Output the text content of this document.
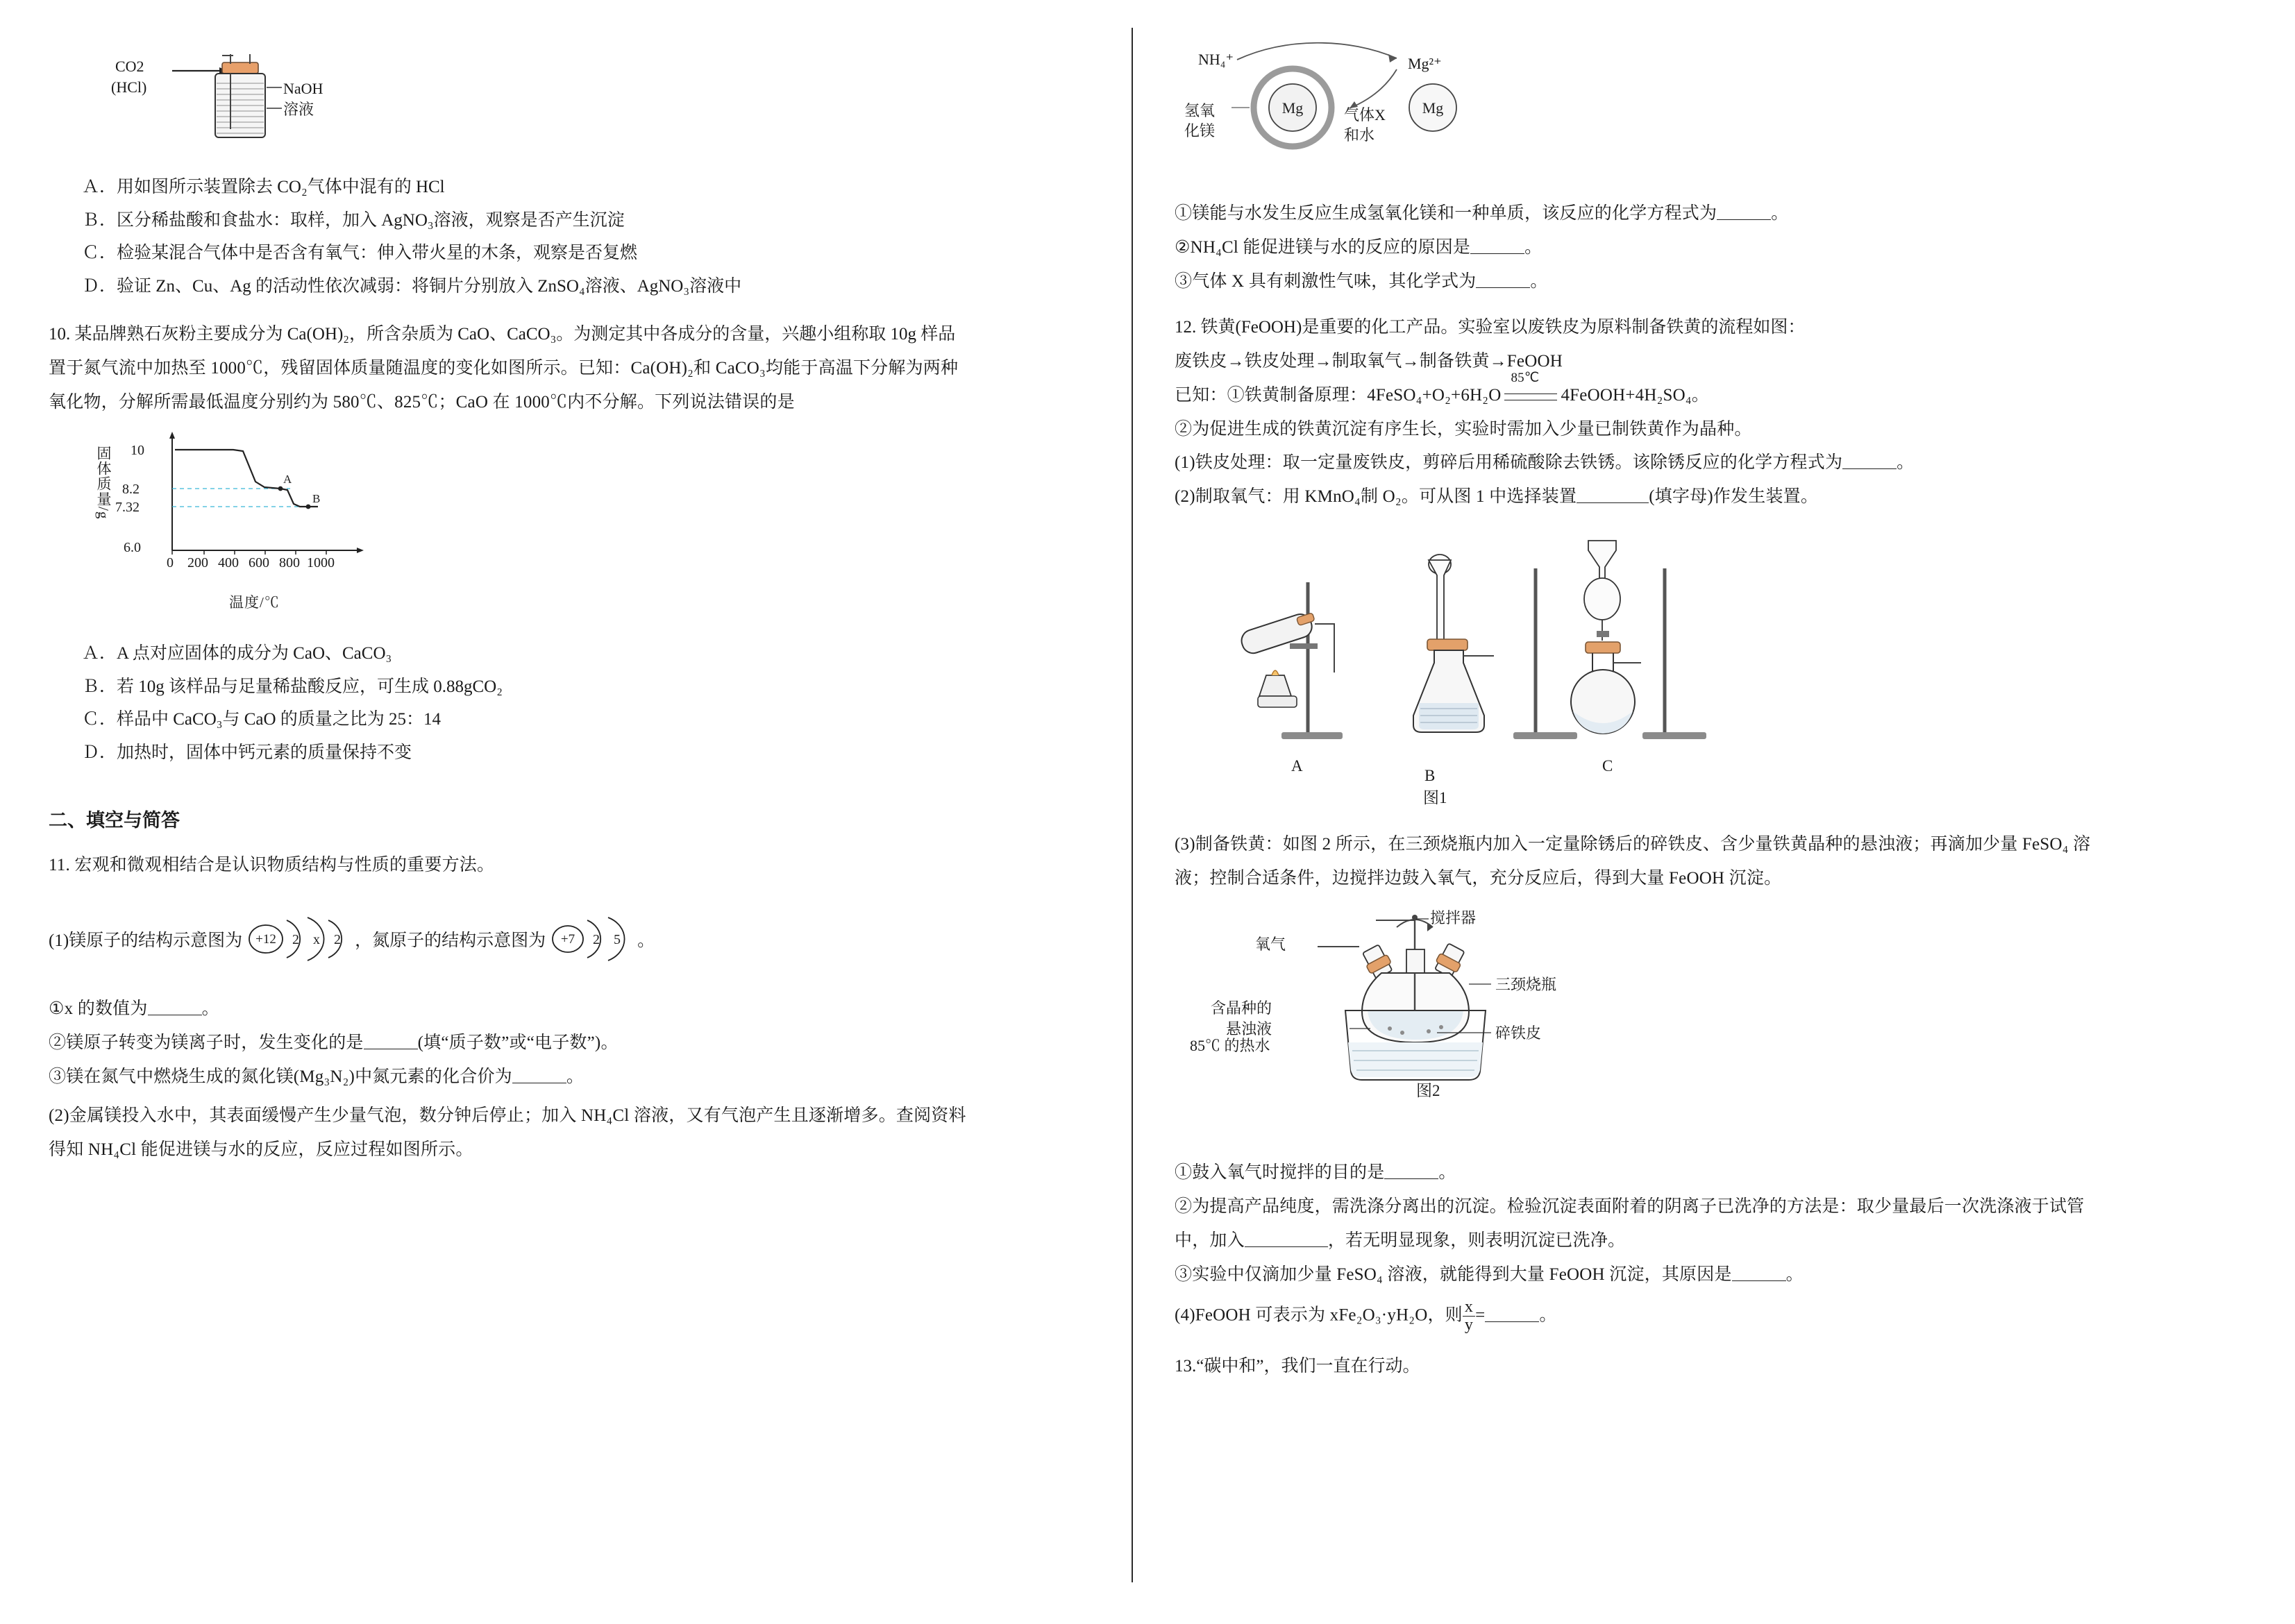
CO2
(HCl)	NaOH
溶液
Ａ．用如图所示装置除去 CO₂气体中混有的 HCl
Ｂ．区分稀盐酸和食盐水：取样，加入 AgNO₃溶液，观察是否产生沉淀
Ｃ．检验某混合气体中是否含有氧气：伸入带火星的木条，观察是否复燃
Ｄ．验证 Zn、Cu、Ag 的活动性依次减弱：将铜片分别放入 ZnSO₄溶液、AgNO₃溶液中
10. 某品牌熟石灰粉主要成分为 Ca(OH)₂，所含杂质为 CaO、CaCO₃。为测定其中各成分的含量，兴趣小组称取 10g 样品
置于氮气流中加热至 1000℃，残留固体质量随温度的变化如图所示。已知：Ca(OH)₂和 CaCO₃均能于高温下分解为两种
氧化物，分解所需最低温度分别约为 580℃、825℃；CaO 在 1000℃内不分解。下列说法错误的是
固体质量/g	A
B
10
8.2
7.32
6.0
0 200 400 600 800 1000
温度/℃
Ａ．A 点对应固体的成分为 CaO、CaCO₃
Ｂ．若 10g 该样品与足量稀盐酸反应，可生成 0.88gCO₂
Ｃ．样品中 CaCO₃与 CaO 的质量之比为 25：14
Ｄ．加热时，固体中钙元素的质量保持不变
二、填空与简答
11. 宏观和微观相结合是认识物质结构与性质的重要方法。
(1)镁原子的结构示意图为 +12 2 x 2 ，氮原子的结构示意图为 +7 2 5 。
①x 的数值为	。
②镁原子转变为镁离子时，发生变化的是	(填“质子数”或“电子数”)。
③镁在氮气中燃烧生成的氮化镁(Mg₃N₂)中氮元素的化合价为	。
(2)金属镁投入水中，其表面缓慢产生少量气泡，数分钟后停止；加入 NH₄Cl 溶液，又有气泡产生且逐渐增多。查阅资料
得知 NH₄Cl 能促进镁与水的反应，反应过程如图所示。
Mg	Mg
NH₄⁺	Mg²⁺
氢氧
化镁
气体X
和水
①镁能与水发生反应生成氢氧化镁和一种单质，该反应的化学方程式为	。
②NH₄Cl 能促进镁与水的反应的原因是	。
③气体 X 具有刺激性气味，其化学式为	。
12. 铁黄(FeOOH)是重要的化工产品。实验室以废铁皮为原料制备铁黄的流程如图：
废铁皮→铁皮处理→制取氧气→制备铁黄→FeOOH
已知：①铁黄制备原理：4FeSO₄+O₂+6H₂O
85℃
4FeOOH+4H₂SO₄。
②为促进生成的铁黄沉淀有序生长，实验时需加入少量已制铁黄作为晶种。
(1)铁皮处理：取一定量废铁皮，剪碎后用稀硫酸除去铁锈。该除锈反应的化学方程式为	。
(2)制取氧气：用 KMnO₄制 O₂。可从图 1 中选择装置	(填字母)作发生装置。
A
B
C
图1
(3)制备铁黄：如图 2 所示，在三颈烧瓶内加入一定量除锈后的碎铁皮、含少量铁黄晶种的悬浊液；再滴加少量 FeSO₄ 溶
液；控制合适条件，边搅拌边鼓入氧气，充分反应后，得到大量 FeOOH 沉淀。
搅拌器
氧气
三颈烧瓶
碎铁皮
含晶种的
悬浊液
85℃ 的热水
图2
①鼓入氧气时搅拌的目的是	。
②为提高产品纯度，需洗涤分离出的沉淀。检验沉淀表面附着的阴离子已洗净的方法是：取少量最后一次洗涤液于试管
中，加入	，若无明显现象，则表明沉淀已洗净。
③实验中仅滴加少量 FeSO₄ 溶液，就能得到大量 FeOOH 沉淀，其原因是	。
(4)FeOOH 可表示为 xFe₂O₃·yH₂O，则 $\frac{x}{y}$ =	。
13.“碳中和”，我们一直在行动。
